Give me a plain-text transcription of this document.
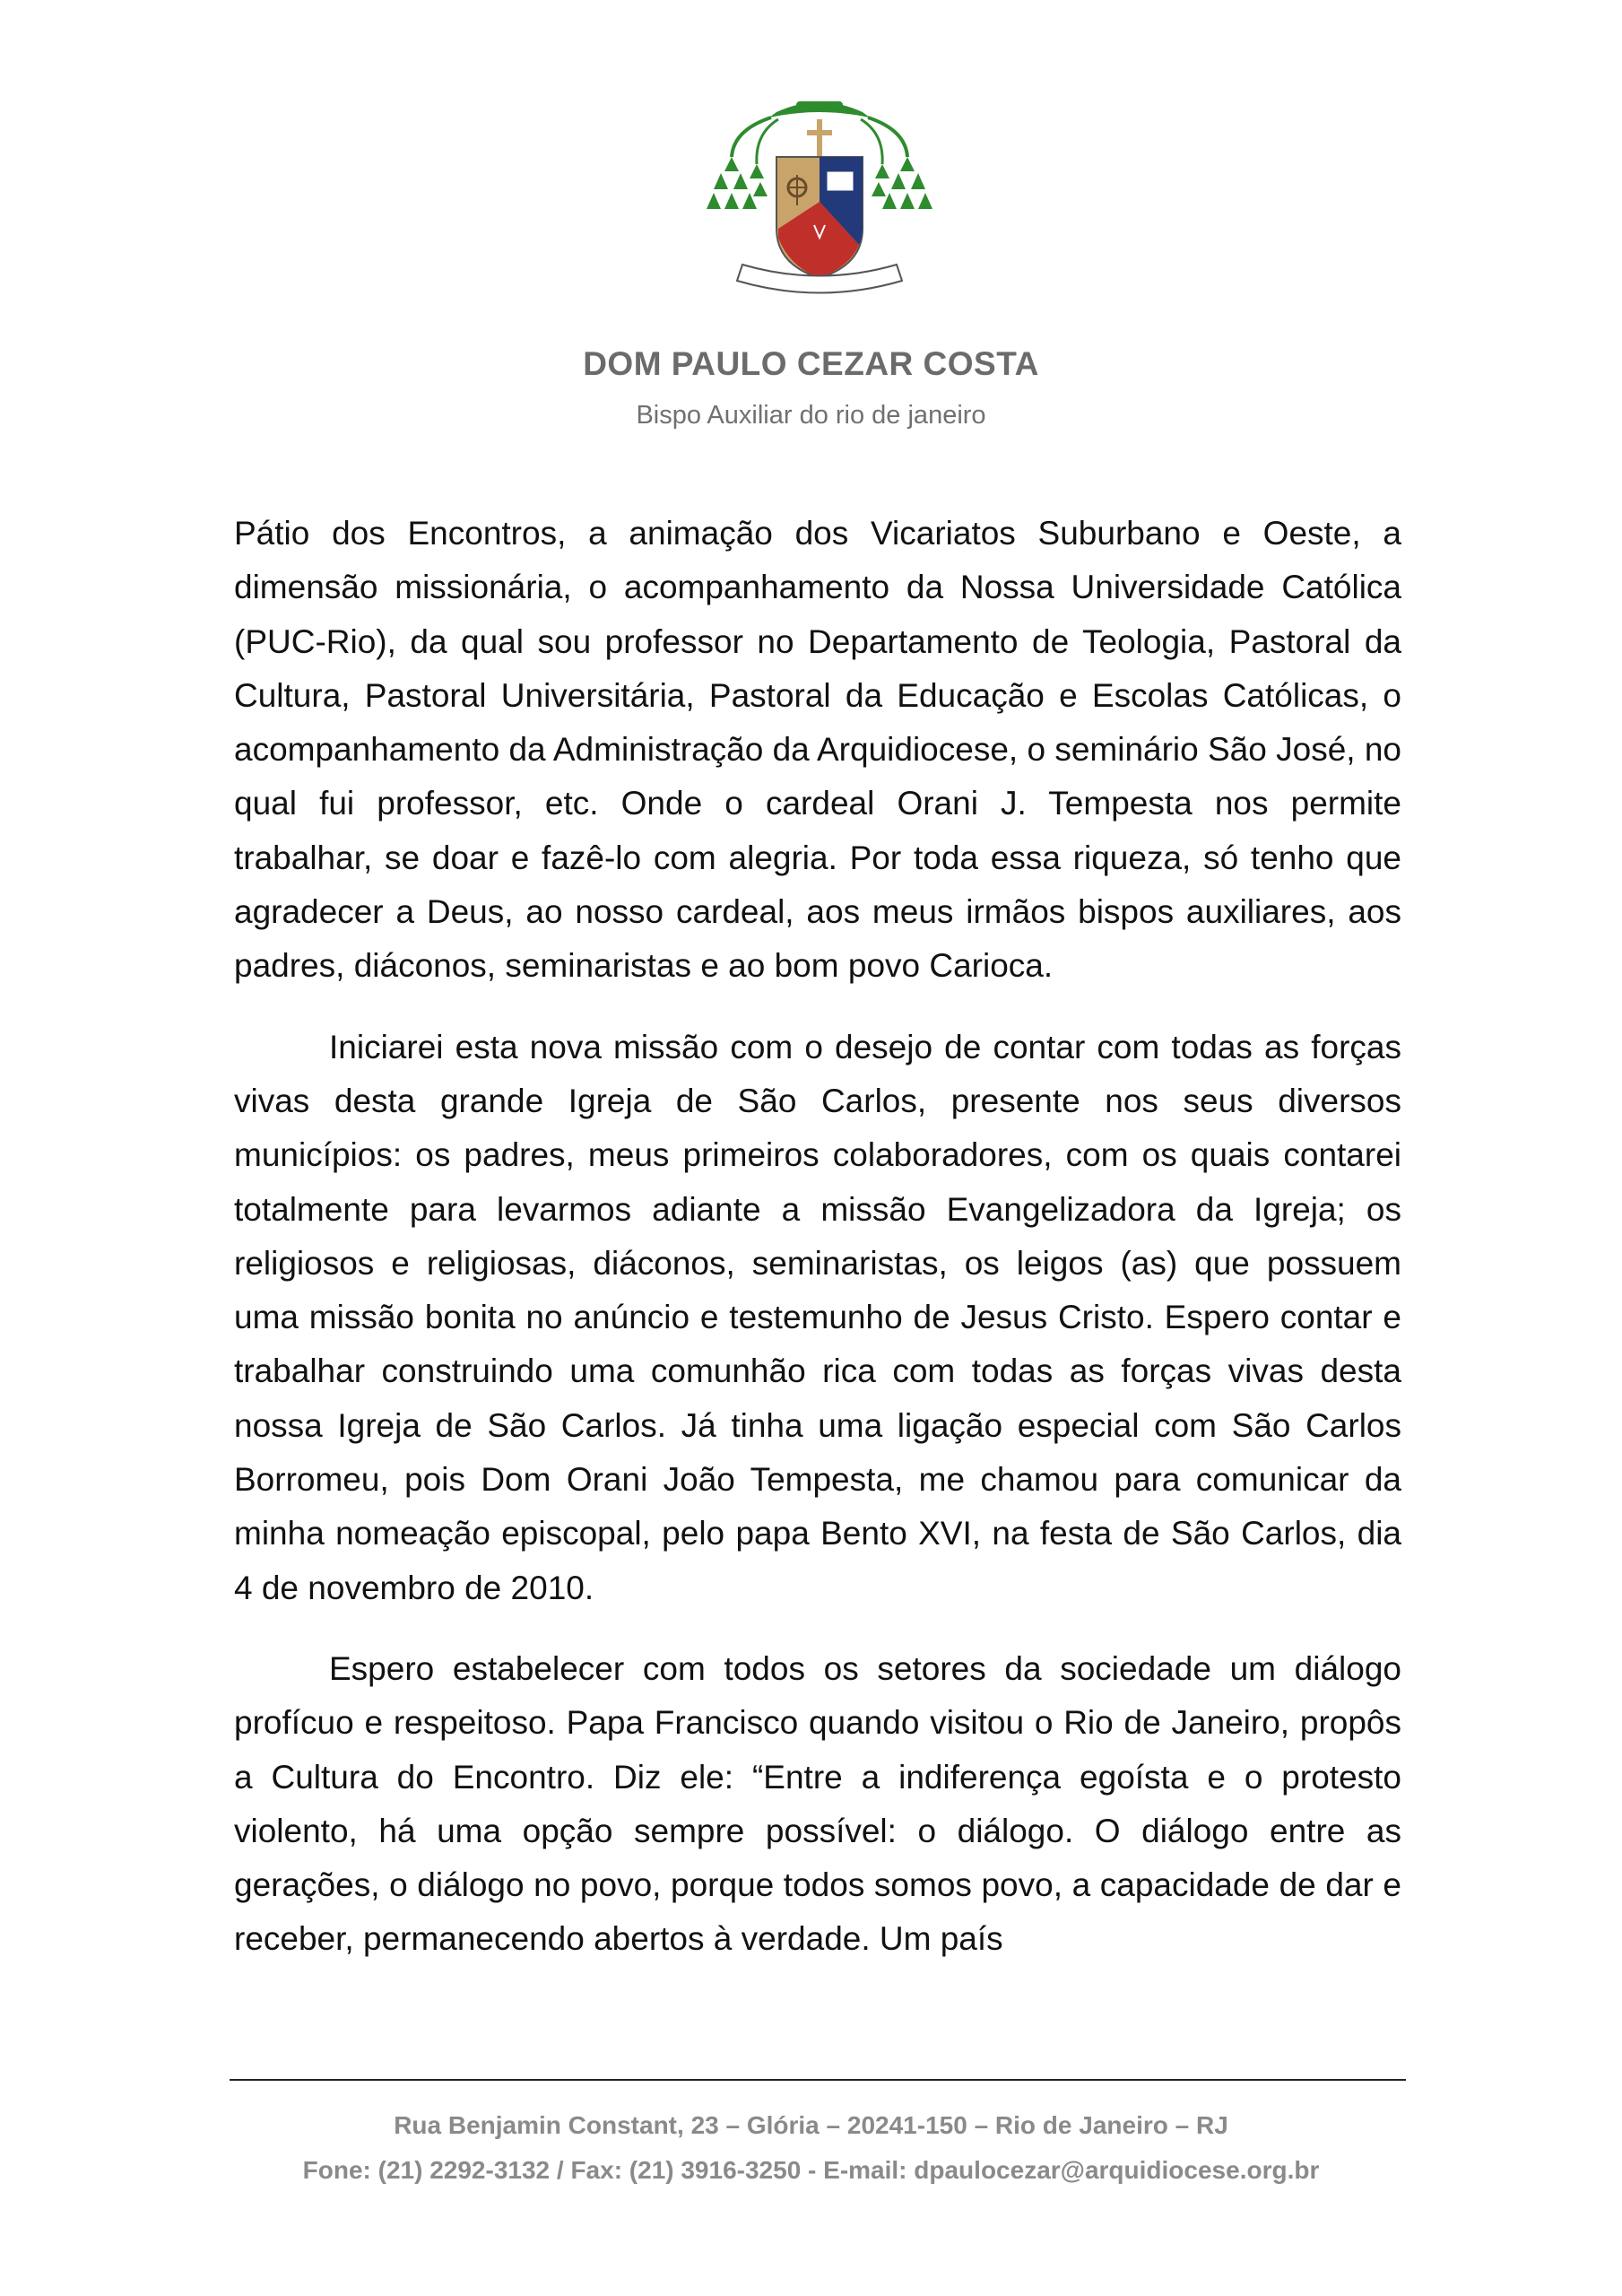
DOM PAULO CEZAR COSTA
Bispo Auxiliar do rio de janeiro

Pátio dos Encontros, a animação dos Vicariatos Suburbano e Oeste, a dimensão missionária, o acompanhamento da Nossa Universidade Católica (PUC-Rio), da qual sou professor no Departamento de Teologia, Pastoral da Cultura, Pastoral Universitária, Pastoral da Educação e Escolas Católicas, o acompanhamento da Administração da Arquidiocese, o seminário São José, no qual fui professor, etc. Onde o cardeal Orani J. Tempesta nos permite trabalhar, se doar e fazê-lo com alegria. Por toda essa riqueza, só tenho que agradecer a Deus, ao nosso cardeal, aos meus irmãos bispos auxiliares, aos padres, diáconos, seminaristas e ao bom povo Carioca.

Iniciarei esta nova missão com o desejo de contar com todas as forças vivas desta grande Igreja de São Carlos, presente nos seus diversos municípios: os padres, meus primeiros colaboradores, com os quais contarei totalmente para levarmos adiante a missão Evangelizadora da Igreja; os religiosos e religiosas, diáconos, seminaristas, os leigos (as) que possuem uma missão bonita no anúncio e testemunho de Jesus Cristo. Espero contar e trabalhar construindo uma comunhão rica com todas as forças vivas desta nossa Igreja de São Carlos. Já tinha uma ligação especial com São Carlos Borromeu, pois Dom Orani João Tempesta, me chamou para comunicar da minha nomeação episcopal, pelo papa Bento XVI, na festa de São Carlos, dia 4 de novembro de 2010.

Espero estabelecer com todos os setores da sociedade um diálogo profícuo e respeitoso. Papa Francisco quando visitou o Rio de Janeiro, propôs a Cultura do Encontro. Diz ele: “Entre a indiferença egoísta e o protesto violento, há uma opção sempre possível: o diálogo. O diálogo entre as gerações, o diálogo no povo, porque todos somos povo, a capacidade de dar e receber, permanecendo abertos à verdade. Um país

Rua Benjamin Constant, 23 – Glória – 20241-150 – Rio de Janeiro – RJ
Fone: (21) 2292-3132 / Fax: (21) 3916-3250 - E-mail: dpaulocezar@arquidiocese.org.br
